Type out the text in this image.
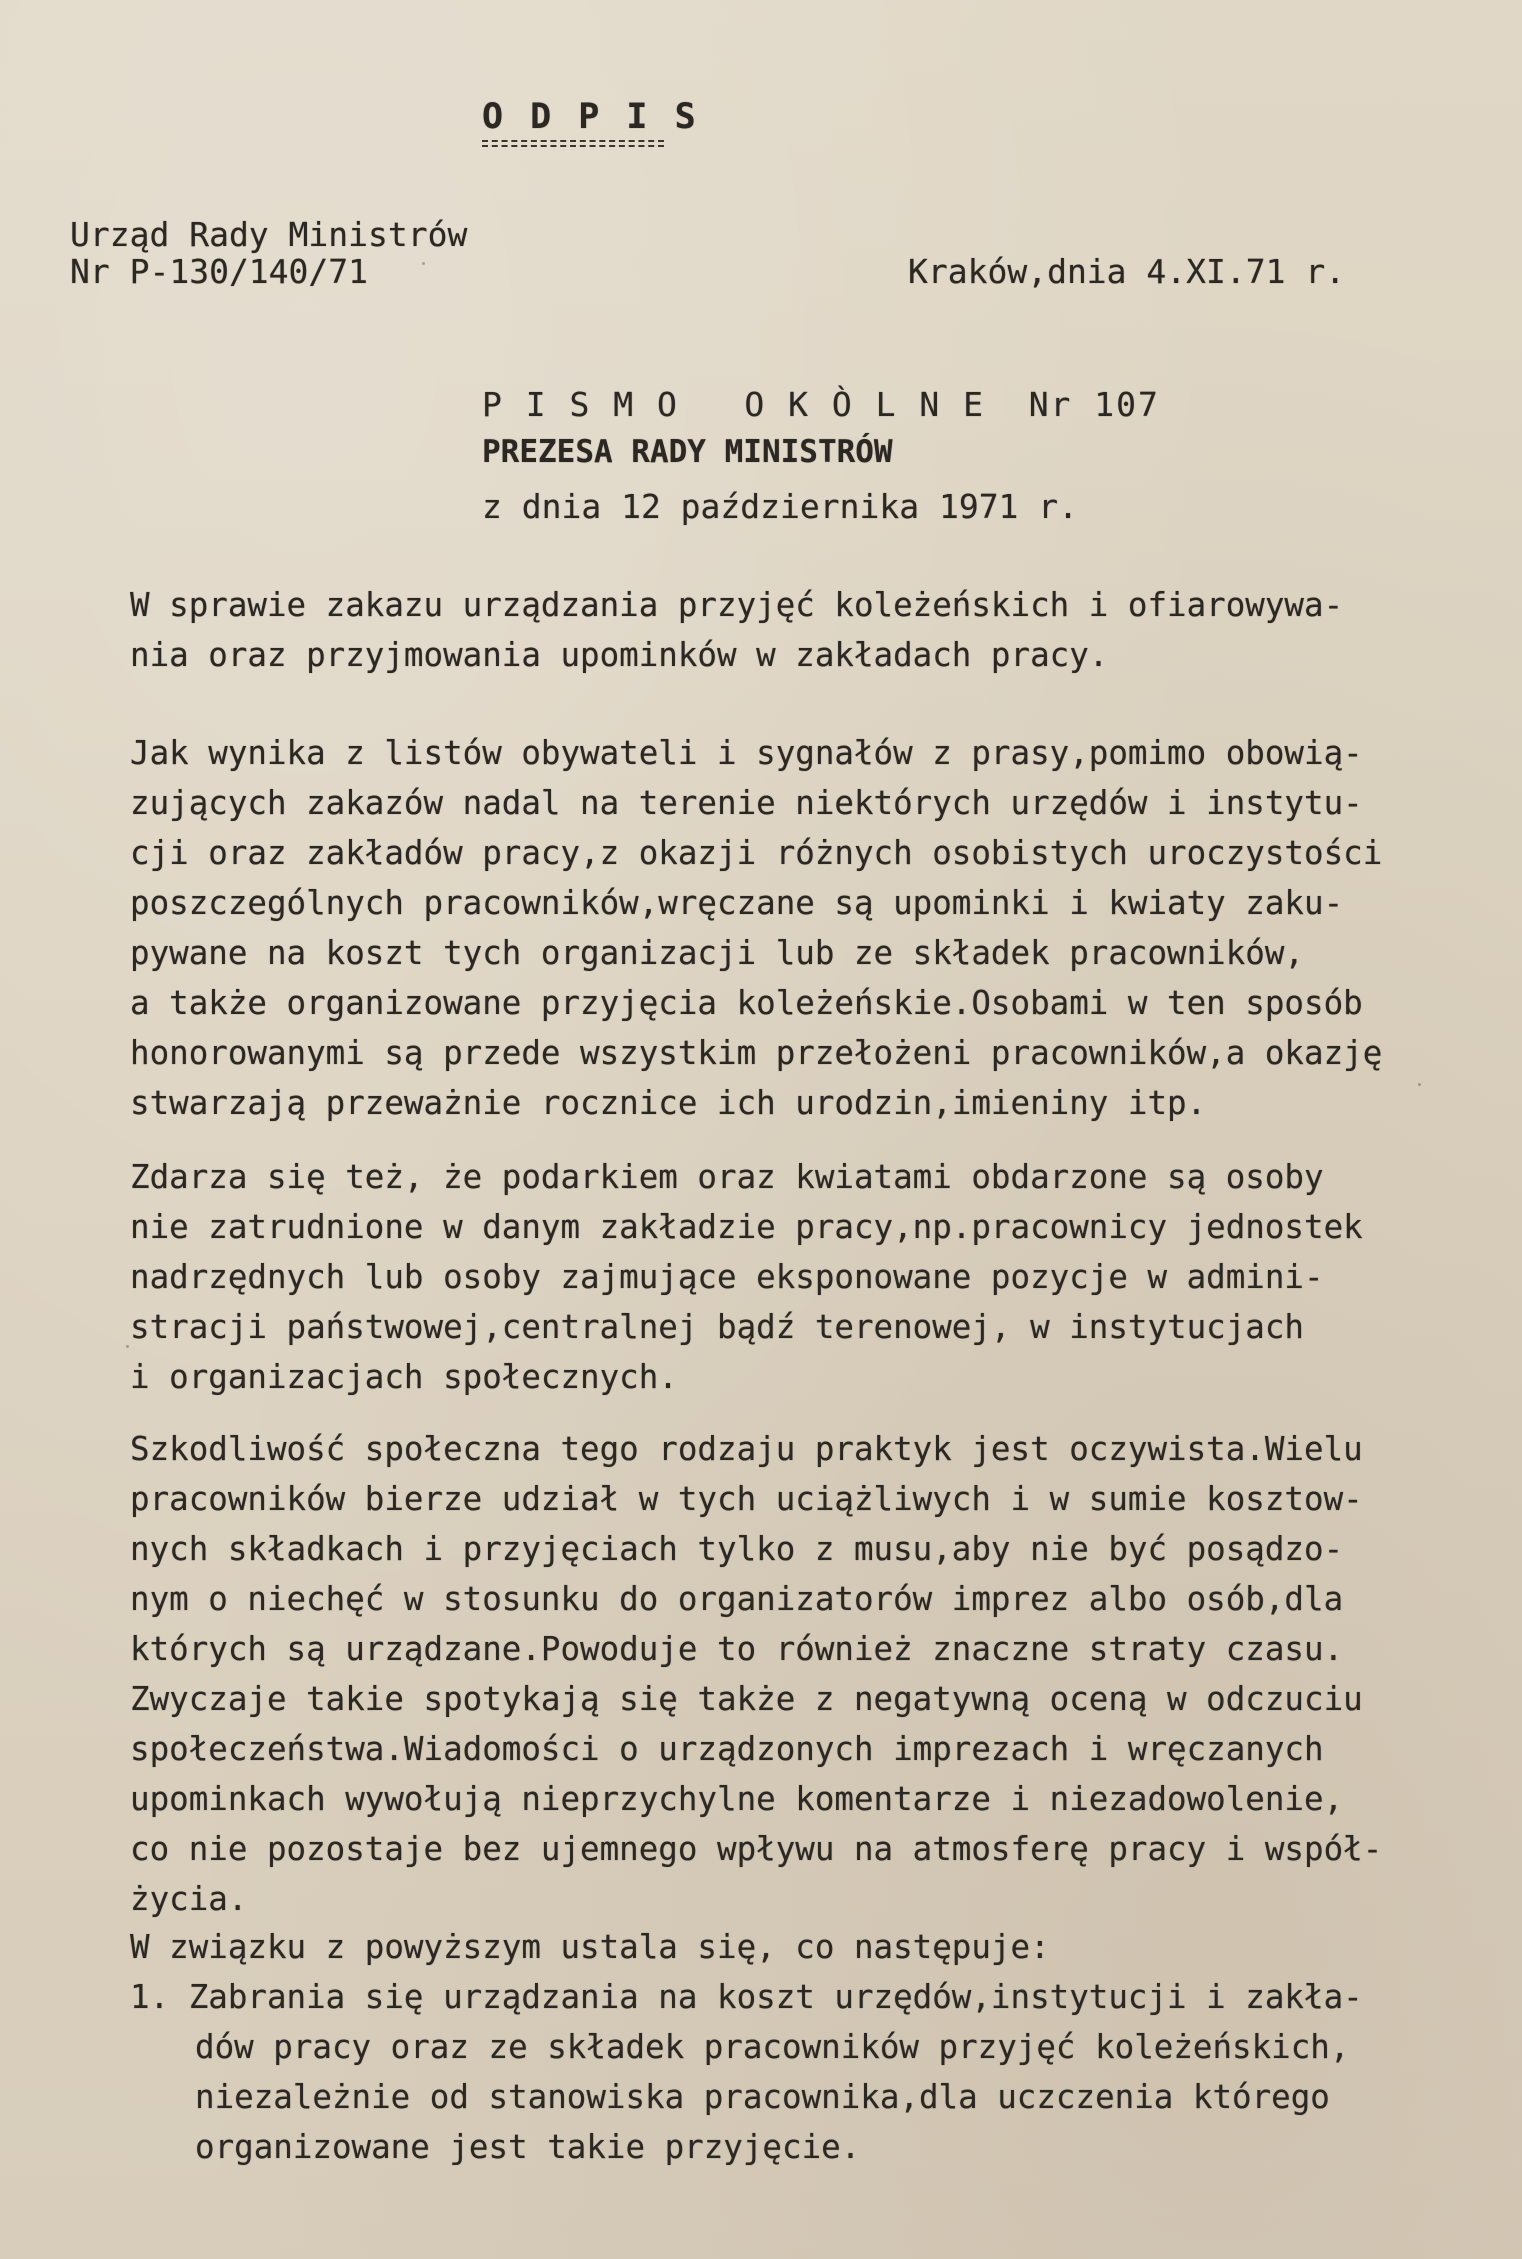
O D P I S
Urząd Rady Ministrów
Nr P-130/140/71	Kraków,dnia 4.XI.71 r.
P I S M O   O K Ò L N E  Nr 107
PREZESA RADY MINISTRÓW
z dnia 12 października 1971 r.
W sprawie zakazu urządzania przyjęć koleżeńskich i ofiarowywa-
nia oraz przyjmowania upominków w zakładach pracy.
Jak wynika z listów obywateli i sygnałów z prasy,pomimo obowią-
zujących zakazów nadal na terenie niektórych urzędów i instytu-
cji oraz zakładów pracy,z okazji różnych osobistych uroczystości
poszczególnych pracowników,wręczane są upominki i kwiaty zaku-
pywane na koszt tych organizacji lub ze składek pracowników,
a także organizowane przyjęcia koleżeńskie.Osobami w ten sposób
honorowanymi są przede wszystkim przełożeni pracowników,a okazję
stwarzają przeważnie rocznice ich urodzin,imieniny itp.
Zdarza się też, że podarkiem oraz kwiatami obdarzone są osoby
nie zatrudnione w danym zakładzie pracy,np.pracownicy jednostek
nadrzędnych lub osoby zajmujące eksponowane pozycje w admini-
stracji państwowej,centralnej bądź terenowej, w instytucjach
i organizacjach społecznych.
Szkodliwość społeczna tego rodzaju praktyk jest oczywista.Wielu
pracowników bierze udział w tych uciążliwych i w sumie kosztow-
nych składkach i przyjęciach tylko z musu,aby nie być posądzo-
nym o niechęć w stosunku do organizatorów imprez albo osób,dla
których są urządzane.Powoduje to również znaczne straty czasu.
Zwyczaje takie spotykają się także z negatywną oceną w odczuciu
społeczeństwa.Wiadomości o urządzonych imprezach i wręczanych
upominkach wywołują nieprzychylne komentarze i niezadowolenie,
co nie pozostaje bez ujemnego wpływu na atmosferę pracy i współ-
życia.
W związku z powyższym ustala się, co następuje:
1. Zabrania się urządzania na koszt urzędów,instytucji i zakła-
dów pracy oraz ze składek pracowników przyjęć koleżeńskich,
niezależnie od stanowiska pracownika,dla uczczenia którego
organizowane jest takie przyjęcie.
